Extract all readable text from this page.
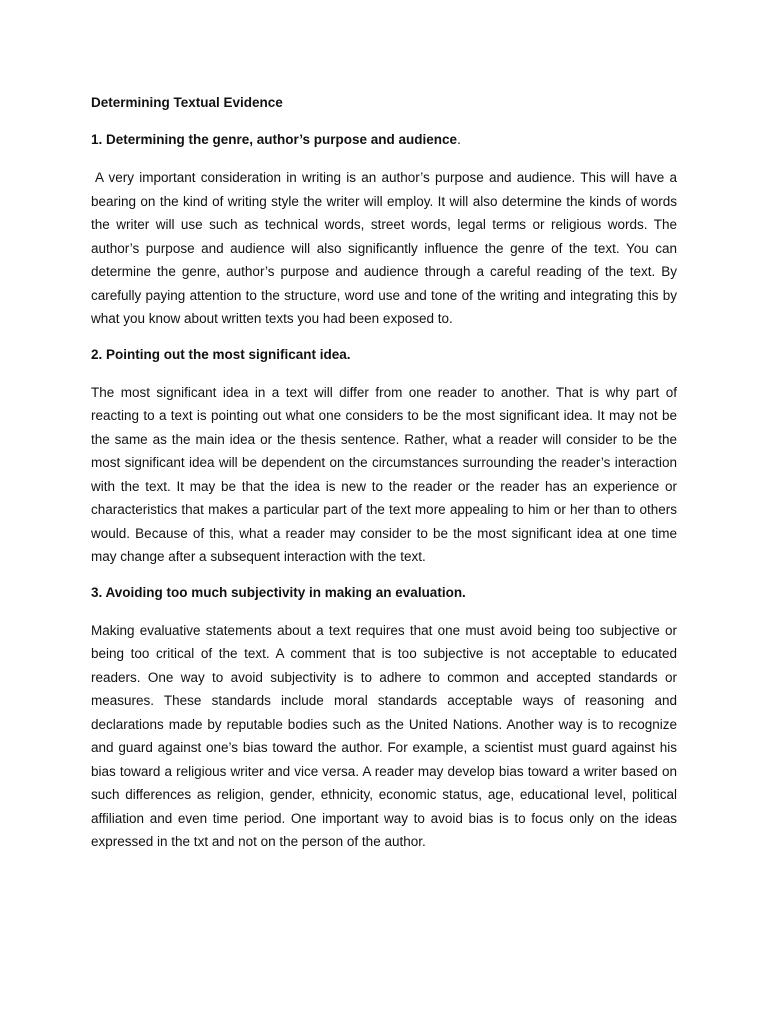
Determining Textual Evidence
1. Determining the genre, author’s purpose and audience.

A very important consideration in writing is an author’s purpose and audience. This will have a bearing on the kind of writing style the writer will employ. It will also determine the kinds of words the writer will use such as technical words, street words, legal terms or religious words. The author’s purpose and audience will also significantly influence the genre of the text. You can determine the genre, author’s purpose and audience through a careful reading of the text. By carefully paying attention to the structure, word use and tone of the writing and integrating this by what you know about written texts you had been exposed to.

2. Pointing out the most significant idea.

The most significant idea in a text will differ from one reader to another. That is why part of reacting to a text is pointing out what one considers to be the most significant idea. It may not be the same as the main idea or the thesis sentence. Rather, what a reader will consider to be the most significant idea will be dependent on the circumstances surrounding the reader’s interaction with the text. It may be that the idea is new to the reader or the reader has an experience or characteristics that makes a particular part of the text more appealing to him or her than to others would. Because of this, what a reader may consider to be the most significant idea at one time may change after a subsequent interaction with the text.

3. Avoiding too much subjectivity in making an evaluation.

Making evaluative statements about a text requires that one must avoid being too subjective or being too critical of the text. A comment that is too subjective is not acceptable to educated readers. One way to avoid subjectivity is to adhere to common and accepted standards or measures. These standards include moral standards acceptable ways of reasoning and declarations made by reputable bodies such as the United Nations. Another way is to recognize and guard against one’s bias toward the author. For example, a scientist must guard against his bias toward a religious writer and vice versa. A reader may develop bias toward a writer based on such differences as religion, gender, ethnicity, economic status, age, educational level, political affiliation and even time period. One important way to avoid bias is to focus only on the ideas expressed in the txt and not on the person of the author.
